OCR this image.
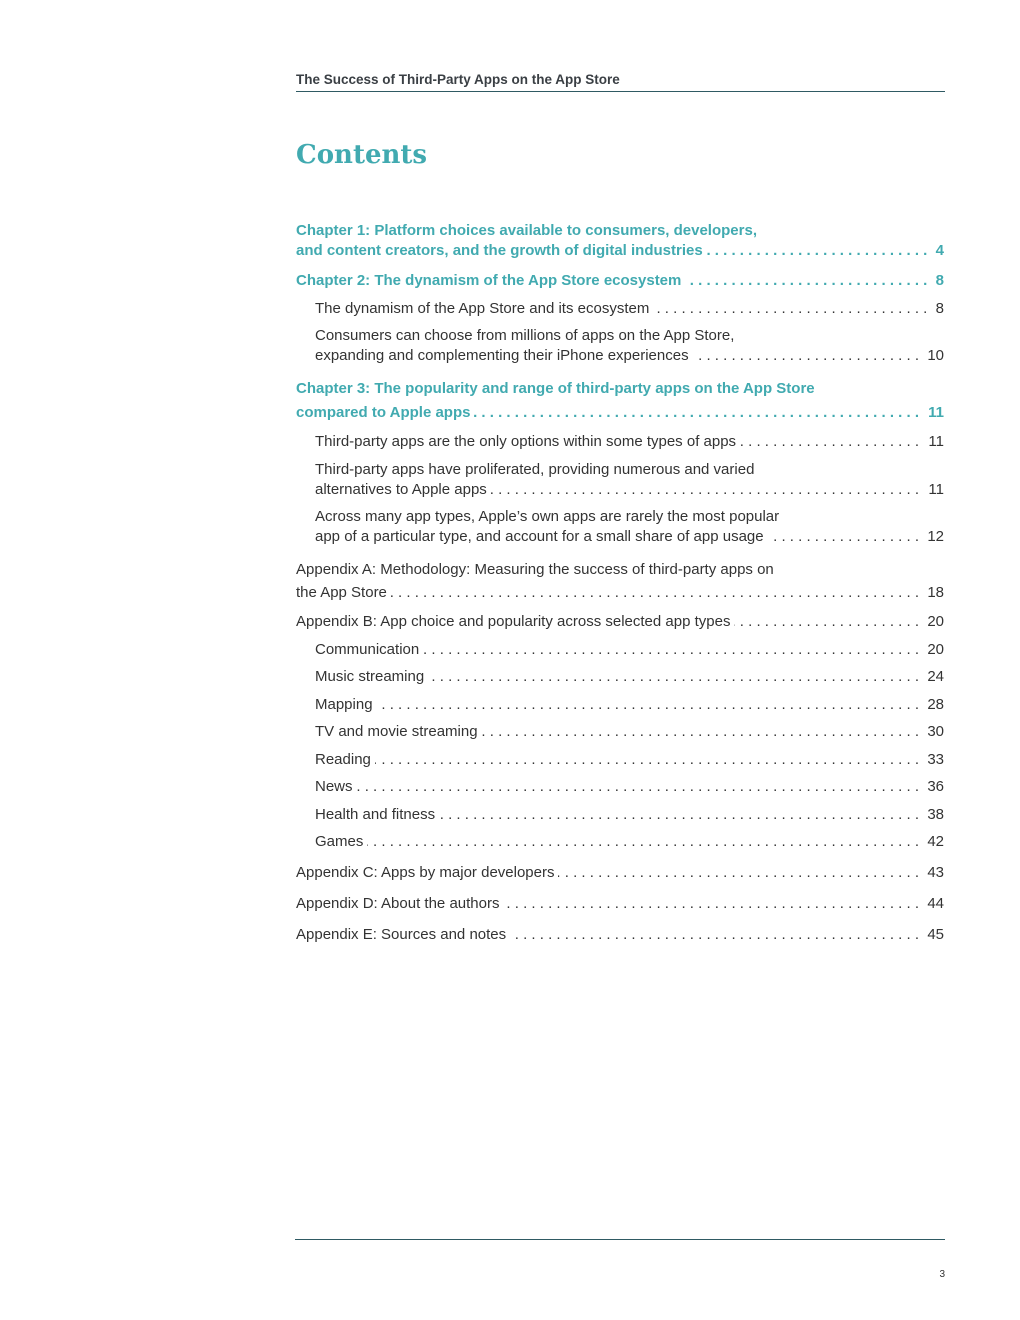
The Success of Third-Party Apps on the App Store
Contents
. . . Chapter 1: Platform choices available to consumers, developers,
and content creators, and the growth of digital industries	4
. . . Chapter 2: The dynamism of the App Store ecosystem	8
. . . The dynamism of the App Store and its ecosystem	8
. . . Consumers can choose from millions of apps on the App Store,
expanding and complementing their iPhone experiences	10
. . . Chapter 3: The popularity and range of third-party apps on the App Store
compared to Apple apps	11
. . . Third-party apps are the only options within some types of apps	11
. . . Third-party apps have proliferated, providing numerous and varied
alternatives to Apple apps	11
. . . Across many app types, Apple’s own apps are rarely the most popular
app of a particular type, and account for a small share of app usage	12
. . . Appendix A: Methodology: Measuring the success of third-party apps on
the App Store	18
. . . Appendix B: App choice and popularity across selected app types	20
. . . Communication	20
. . . Music streaming	24
. . . Mapping	28
. . . TV and movie streaming	30
. . . Reading	33
. . . News	36
. . . Health and fitness	38
. . . Games	42
. . . Appendix C: Apps by major developers	43
. . . Appendix D: About the authors	44
. . . Appendix E: Sources and notes	45
3
